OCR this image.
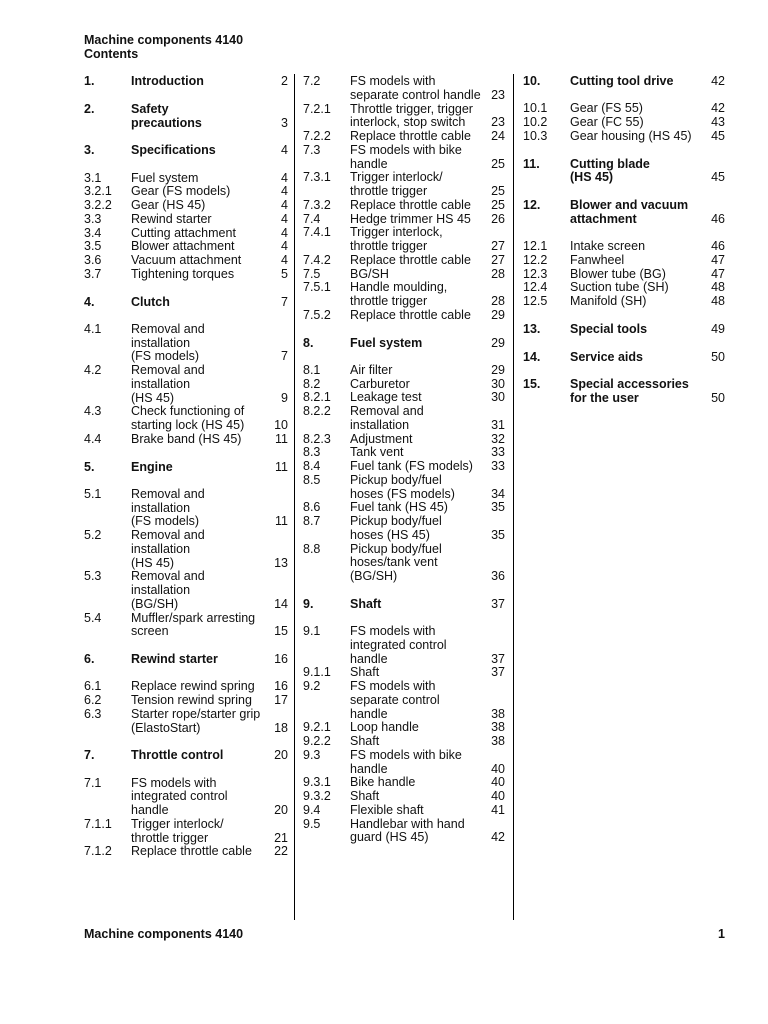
Machine components 4140
Contents
1.	Introduction	2
2.	Safety
precautions	3
3.	Specifications	4
3.1	Fuel system	4
3.2.1	Gear (FS models)	4
3.2.2	Gear (HS 45)	4
3.3	Rewind starter	4
3.4	Cutting attachment	4
3.5	Blower attachment	4
3.6	Vacuum attachment	4
3.7	Tightening torques	5
4.	Clutch	7
4.1	Removal and installation
(FS models)	7
4.2	Removal and installation
(HS 45)	9
4.3	Check functioning of
starting lock (HS 45)	10
4.4	Brake band (HS 45)	11
5.	Engine	11
5.1	Removal and installation
(FS models)	11
5.2	Removal and installation
(HS 45)	13
5.3	Removal and installation
(BG/SH)	14
5.4	Muffler/spark arresting
screen	15
6.	Rewind starter	16
6.1	Replace rewind spring	16
6.2	Tension rewind spring	17
6.3	Starter rope/starter grip
(ElastoStart)	18
7.	Throttle control	20
7.1	FS models with
integrated control
handle	20
7.1.1	Trigger interlock/
throttle trigger	21
7.1.2	Replace throttle cable	22
7.2	FS models with
separate control handle 23
7.2.1	Throttle trigger, trigger
interlock, stop switch	23
7.2.2	Replace throttle cable	24
7.3	FS models with bike
handle	25
7.3.1	Trigger interlock/
throttle trigger	25
7.3.2	Replace throttle cable	25
7.4	Hedge trimmer HS 45	26
7.4.1	Trigger interlock,
throttle trigger	27
7.4.2	Replace throttle cable	27
7.5	BG/SH	28
7.5.1	Handle moulding,
throttle trigger	28
7.5.2	Replace throttle cable	29
8.	Fuel system	29
8.1	Air filter	29
8.2	Carburetor	30
8.2.1	Leakage test	30
8.2.2	Removal and
installation	31
8.2.3	Adjustment	32
8.3	Tank vent	33
8.4	Fuel tank (FS models)	33
8.5	Pickup body/fuel
hoses (FS models)	34
8.6	Fuel tank (HS 45)	35
8.7	Pickup body/fuel
hoses (HS 45)	35
8.8	Pickup body/fuel
hoses/tank vent
(BG/SH)	36
9.	Shaft	37
9.1	FS models with
integrated control
handle	37
9.1.1	Shaft	37
9.2	FS models with
separate control
handle	38
9.2.1	Loop handle	38
9.2.2	Shaft	38
9.3	FS models with bike
handle	40
9.3.1	Bike handle	40
9.3.2	Shaft	40
9.4	Flexible shaft	41
9.5	Handlebar with hand
guard (HS 45)	42
10.	Cutting tool drive	42
10.1	Gear (FS 55)	42
10.2	Gear (FC 55)	43
10.3	Gear housing (HS 45)	45
11.	Cutting blade
(HS 45)	45
12.	Blower and vacuum
attachment	46
12.1	Intake screen	46
12.2	Fanwheel	47
12.3	Blower tube (BG)	47
12.4	Suction tube (SH)	48
12.5	Manifold (SH)	48
13.	Special tools	49
14.	Service aids	50
15.	Special accessories
for the user	50
Machine components 4140	1
